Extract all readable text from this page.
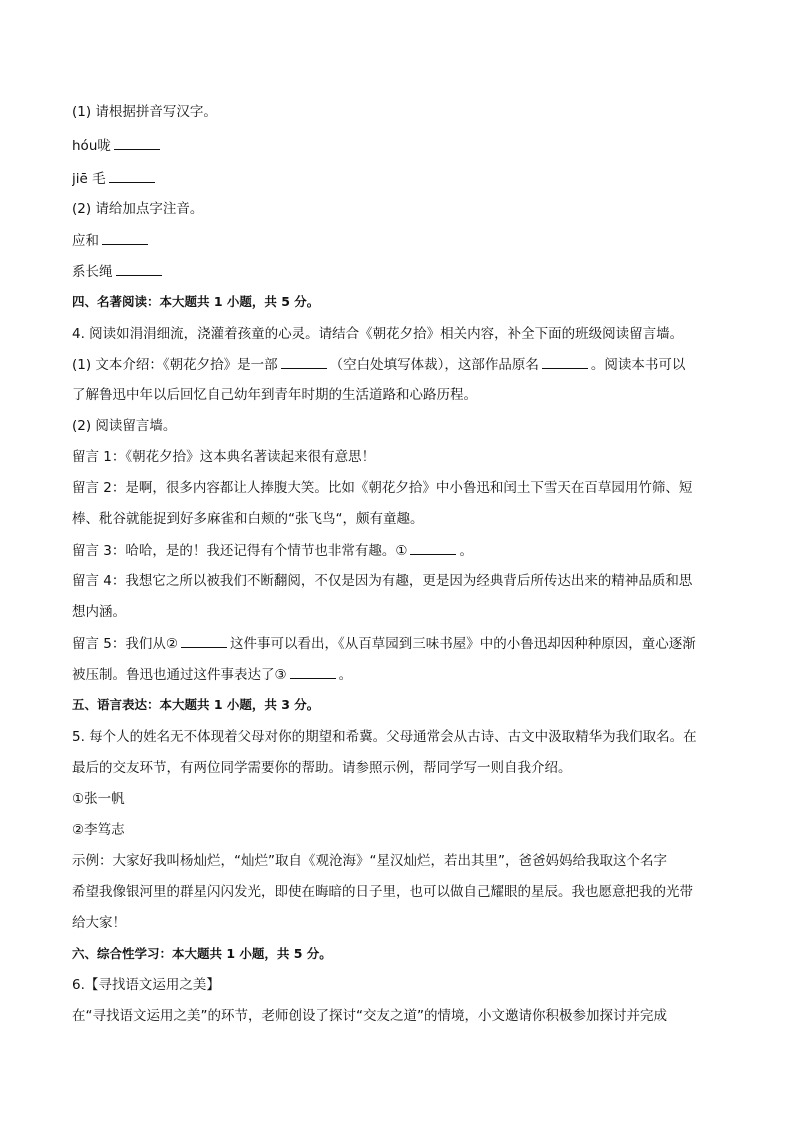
(1) 请根据拼音写汉字。
hóu咙
jiē 毛
(2) 请给加点字注音。
应和
系长绳
四、名著阅读：本大题共 1 小题，共 5 分。
4. 阅读如涓涓细流，浇灌着孩童的心灵。请结合《朝花夕拾》相关内容，补全下面的班级阅读留言墙。
(1) 文本介绍：《朝花夕拾》是一部	（空白处填写体裁），这部作品原名	。阅读本书可以
了解鲁迅中年以后回忆自己幼年到青年时期的生活道路和心路历程。
(2) 阅读留言墙。
留言 1：《朝花夕拾》这本典名著读起来很有意思！
留言 2：是啊，很多内容都让人捧腹大笑。比如《朝花夕拾》中小鲁迅和闰土下雪天在百草园用竹筛、短
棒、秕谷就能捉到好多麻雀和白颊的“张飞鸟“，颇有童趣。
留言 3：哈哈，是的！我还记得有个情节也非常有趣。①	。
留言 4：我想它之所以被我们不断翻阅，不仅是因为有趣，更是因为经典背后所传达出来的精神品质和思
想内涵。
留言 5：我们从②	这件事可以看出，《从百草园到三味书屋》中的小鲁迅却因种种原因，童心逐渐
被压制。鲁迅也通过这件事表达了③	。
五、语言表达：本大题共 1 小题，共 3 分。
5. 每个人的姓名无不体现着父母对你的期望和希冀。父母通常会从古诗、古文中汲取精华为我们取名。在
最后的交友环节，有两位同学需要你的帮助。请参照示例，帮同学写一则自我介绍。
①张一帆
②李笃志
示例：大家好我叫杨灿烂，“灿烂”取自《观沧海》“星汉灿烂，若出其里”，爸爸妈妈给我取这个名字
希望我像银河里的群星闪闪发光，即使在晦暗的日子里，也可以做自己耀眼的星辰。我也愿意把我的光带
给大家！
六、综合性学习：本大题共 1 小题，共 5 分。
6.【寻找语文运用之美】
在“寻找语文运用之美”的环节，老师创设了探讨“交友之道”的情境，小文邀请你积极参加探讨并完成
